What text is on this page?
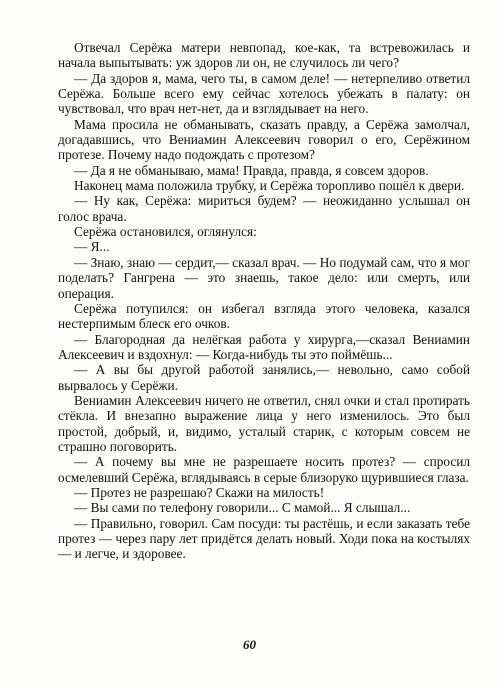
Отвечал Серёжа матери невпопад, кое-как, та встревожилась и начала выпытывать: уж здоров ли он, не случилось ли чего?

— Да здоров я, мама, чего ты, в самом деле! — нетерпеливо ответил Серёжа. Больше всего ему сейчас хотелось убежать в палату: он чувствовал, что врач нет-нет, да и взглядывает на него.

Мама просила не обманывать, сказать правду, а Серёжа замолчал, догадавшись, что Вениамин Алексеевич говорил о его, Серёжином протезе. Почему надо подождать с протезом?

— Да я не обманываю, мама! Правда, правда, я совсем здоров.

Наконец мама положила трубку, и Серёжа торопливо пошёл к двери.

— Ну как, Серёжа: мириться будем? — неожиданно услышал он голос врача.

Серёжа остановился, оглянулся:

— Я...

— Знаю, знаю — сердит,— сказал врач. — Но подумай сам, что я мог поделать? Гангрена — это знаешь, такое дело: или смерть, или операция.

Серёжа потупился: он избегал взгляда этого человека, казался нестерпимым блеск его очков.

— Благородная да нелёгкая работа у хирурга,—сказал Вениамин Алексеевич и вздохнул: — Когда-нибудь ты это поймёшь...

— А вы бы другой работой занялись,— невольно, само собой вырвалось у Серёжи.

Вениамин Алексеевич ничего не ответил, снял очки и стал протирать стёкла. И внезапно выражение лица у него изменилось. Это был простой, добрый, и, видимо, усталый старик, с которым совсем не страшно поговорить.

— А почему вы мне не разрешаете носить протез? — спросил осмелевший Серёжа, вглядываясь в серые близоруко щурившиеся глаза.

— Протез не разрешаю? Скажи на милость!

— Вы сами по телефону говорили... С мамой... Я слышал...

— Правильно, говорил. Сам посуди: ты растёшь, и если заказать тебе протез — через пару лет придётся делать новый. Ходи пока на костылях — и легче, и здоровее.

60
